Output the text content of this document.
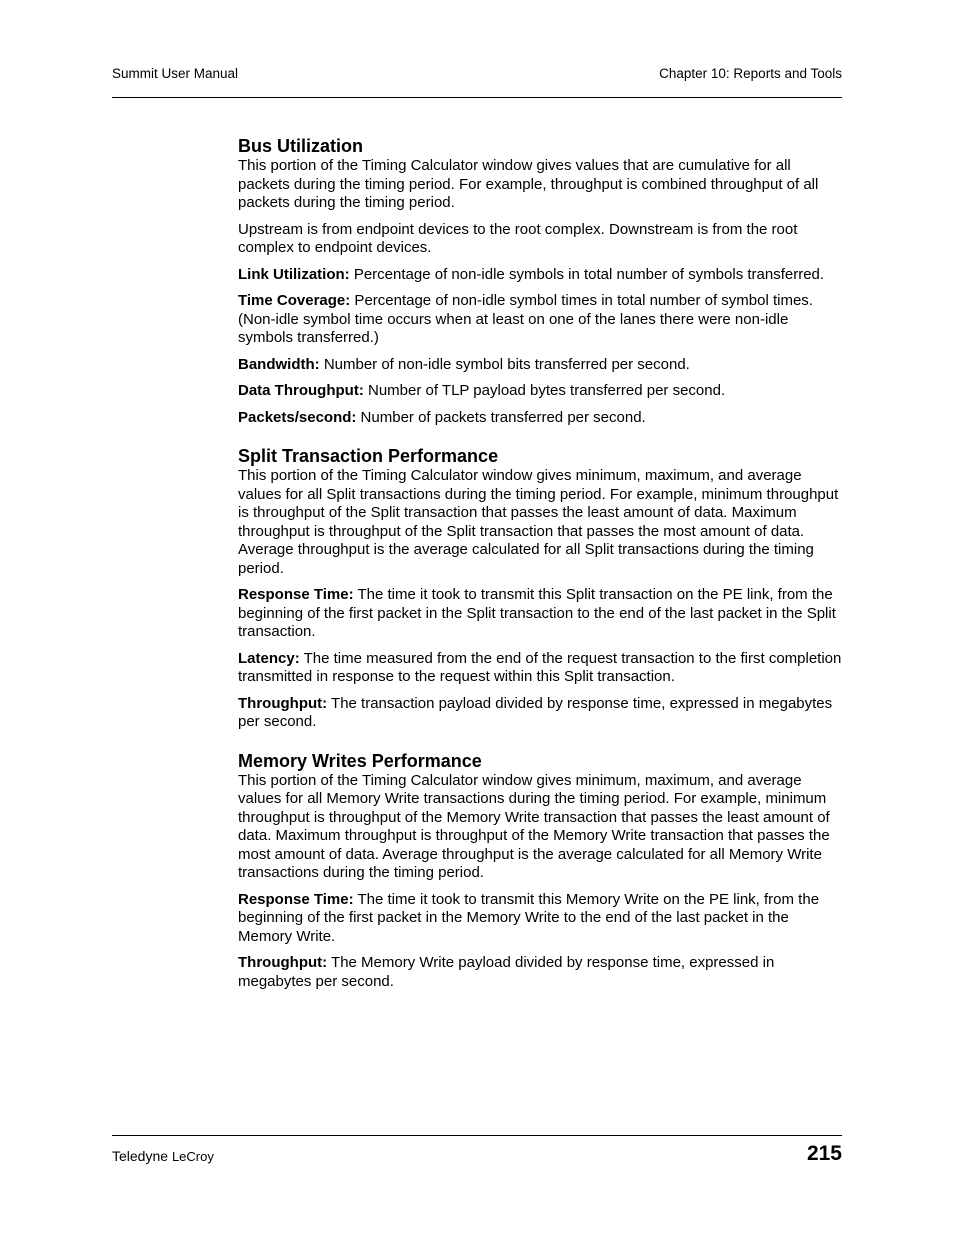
Summit User Manual	Chapter 10: Reports and Tools
Bus Utilization

This portion of the Timing Calculator window gives values that are cumulative for all packets during the timing period. For example, throughput is combined throughput of all packets during the timing period.

Upstream is from endpoint devices to the root complex. Downstream is from the root complex to endpoint devices.

Link Utilization: Percentage of non-idle symbols in total number of symbols transferred.

Time Coverage: Percentage of non-idle symbol times in total number of symbol times. (Non-idle symbol time occurs when at least on one of the lanes there were non-idle symbols transferred.)

Bandwidth: Number of non-idle symbol bits transferred per second.

Data Throughput: Number of TLP payload bytes transferred per second.

Packets/second: Number of packets transferred per second.

Split Transaction Performance

This portion of the Timing Calculator window gives minimum, maximum, and average values for all Split transactions during the timing period. For example, minimum throughput is throughput of the Split transaction that passes the least amount of data. Maximum throughput is throughput of the Split transaction that passes the most amount of data. Average throughput is the average calculated for all Split transactions during the timing period.

Response Time: The time it took to transmit this Split transaction on the PE link, from the beginning of the first packet in the Split transaction to the end of the last packet in the Split transaction.

Latency: The time measured from the end of the request transaction to the first completion transmitted in response to the request within this Split transaction.

Throughput: The transaction payload divided by response time, expressed in megabytes per second.

Memory Writes Performance

This portion of the Timing Calculator window gives minimum, maximum, and average values for all Memory Write transactions during the timing period. For example, minimum throughput is throughput of the Memory Write transaction that passes the least amount of data. Maximum throughput is throughput of the Memory Write transaction that passes the most amount of data. Average throughput is the average calculated for all Memory Write transactions during the timing period.

Response Time: The time it took to transmit this Memory Write on the PE link, from the beginning of the first packet in the Memory Write to the end of the last packet in the Memory Write.

Throughput: The Memory Write payload divided by response time, expressed in megabytes per second.

Teledyne LeCroy	215
